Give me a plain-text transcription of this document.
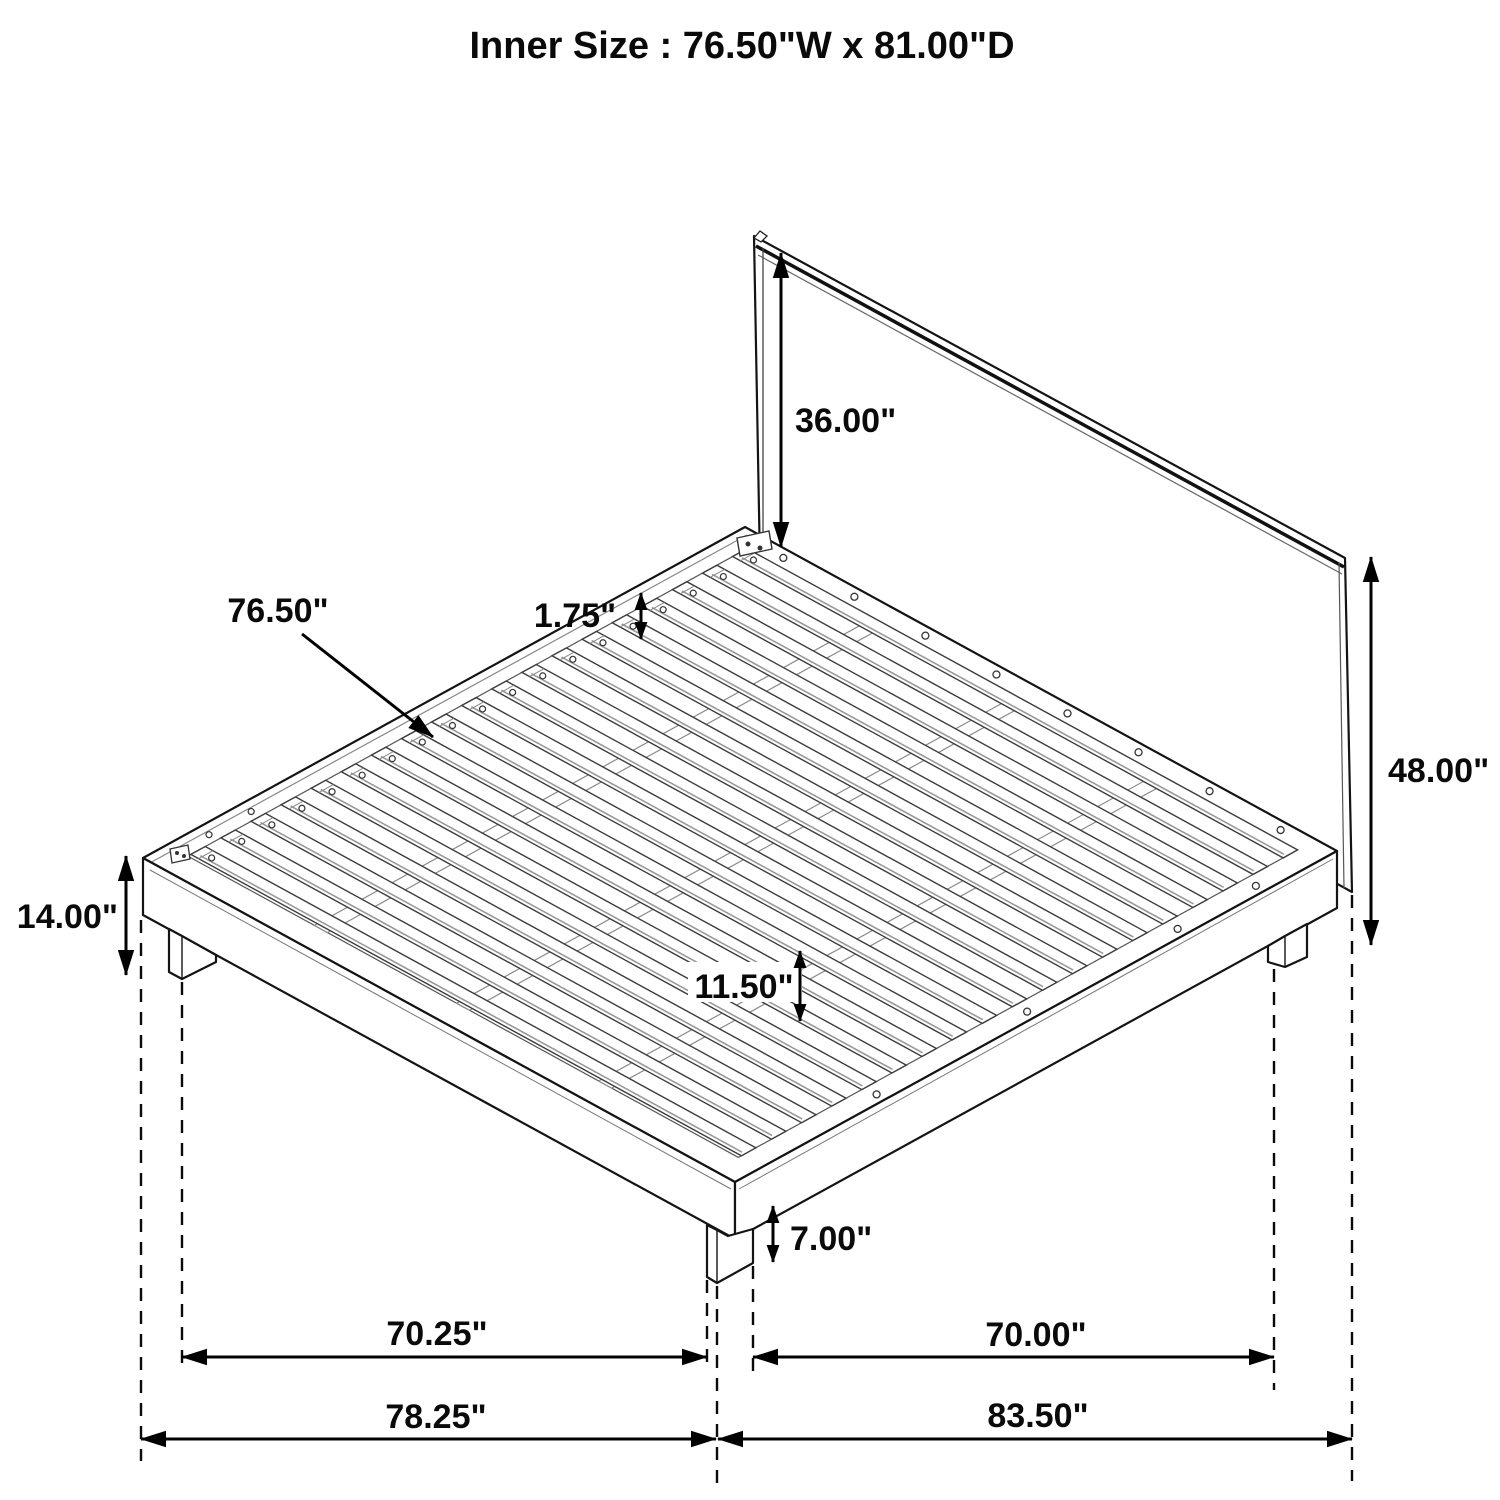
36.00"
76.50"	1.75"
48.00"
14.00"
11.50"
7.00"
70.25"	70.00"
78.25"	83.50"
Inner Size : 76.50"W x 81.00"D
